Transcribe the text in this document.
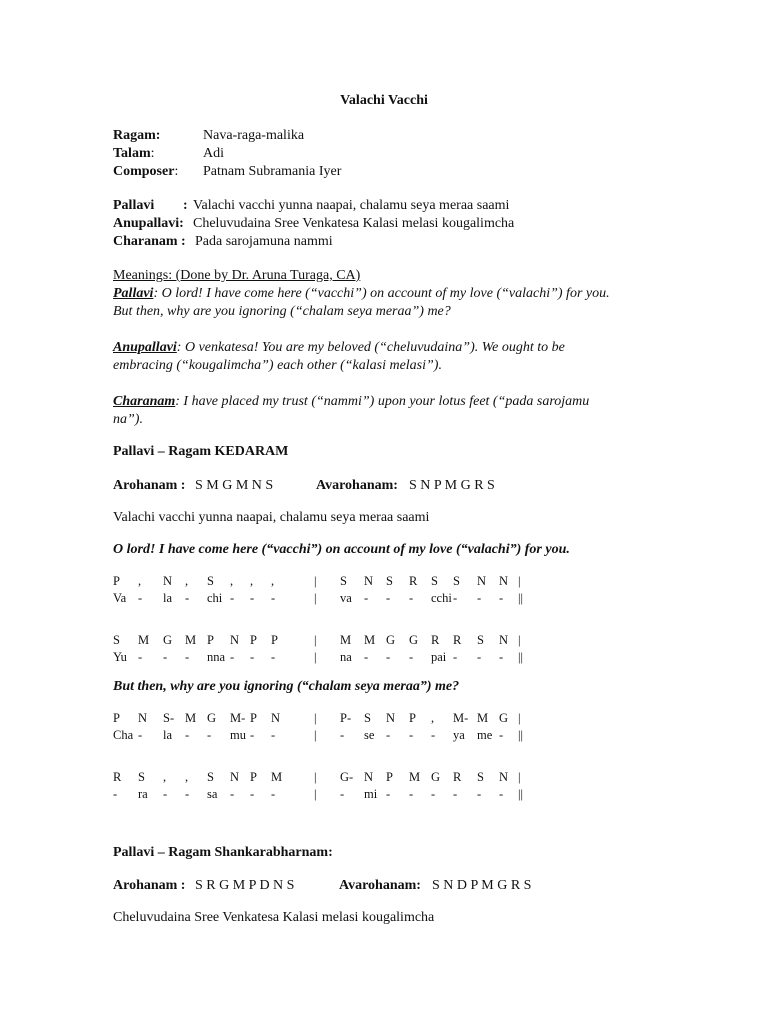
Valachi Vacchi
Ragam:	Nava-raga-malika
Talam:	Adi
Composer: Patnam Subramania Iyer
Pallavi : Valachi vacchi yunna naapai, chalamu seya meraa saami
Anupallavi: Cheluvudaina Sree Venkatesa Kalasi melasi kougalimcha
Charanam : Pada sarojamuna nammi
Meanings: (Done by Dr. Aruna Turaga, CA)
Pallavi: O lord! I have come here (“vacchi”) on account of my love (“valachi”) for you.
But then, why are you ignoring (“chalam seya meraa”) me?
Anupallavi: O venkatesa! You are my beloved (“cheluvudaina”). We ought to be
embracing (“kougalimcha”) each other (“kalasi melasi”).
Charanam: I have placed my trust (“nammi”) upon your lotus feet (“pada sarojamu
na”).
Pallavi – Ragam KEDARAM
Arohanam : S M G M N S	Avarohanam: S N P M G R S
Valachi vacchi yunna naapai, chalamu seya meraa saami
O lord! I have come here (“vacchi”) on account of my love (“valachi”) for you.
P , N , S , , ,	| S N S R S S N N |
Va - la - chi - - -	| va - - - cchi - - - ||
S M G M P N P P	| M M G G R R S N |
Yu - - - nna - - -	| na - - - pai - - - ||
But then, why are you ignoring (“chalam seya meraa”) me?
P N S- M G M- P N	| P- S N P , M- M G |
Cha - la - - mu - -	| - se - - - ya me - ||
R S , , S N P M	| G- N P M G R S N |
- ra - - sa - - -	| - mi - - - - - - ||
Pallavi – Ragam Shankarabharnam:
Arohanam : S R G M P D N S	Avarohanam: S N D P M G R S
Cheluvudaina Sree Venkatesa Kalasi melasi kougalimcha
